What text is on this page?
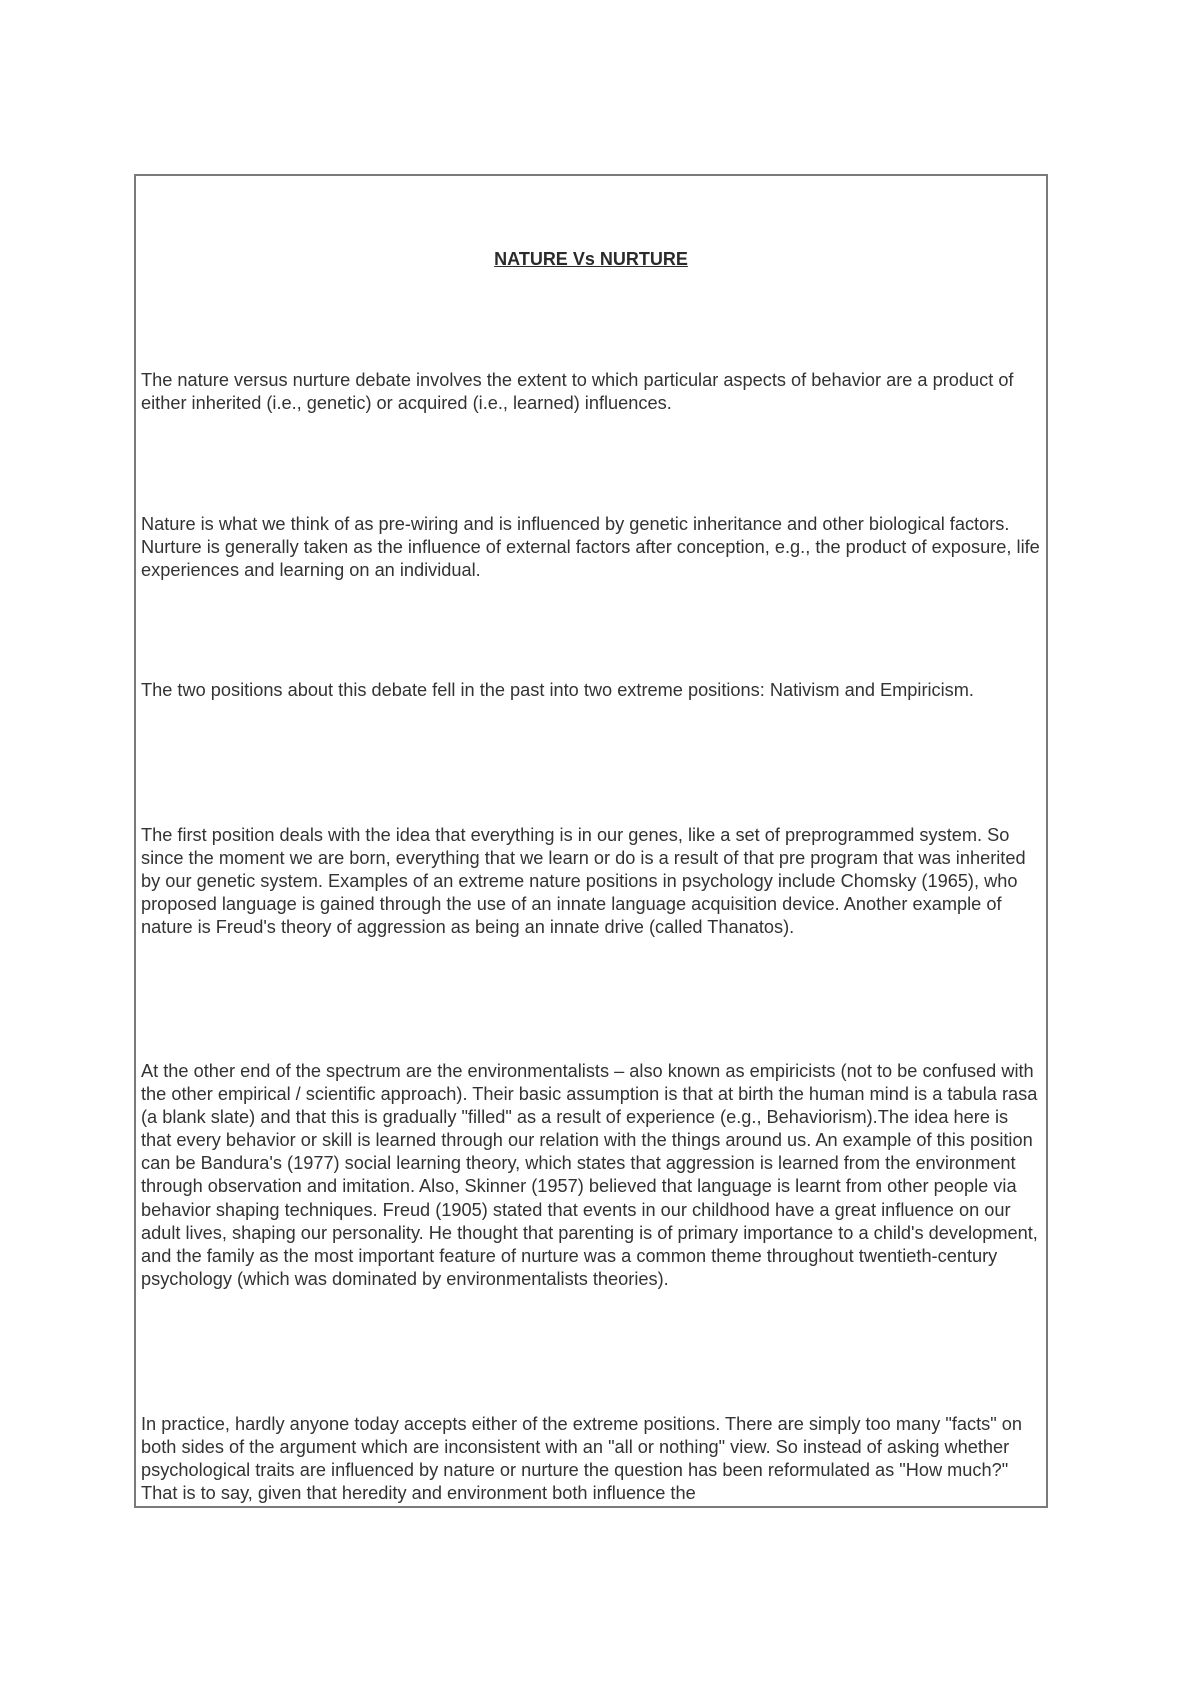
NATURE Vs NURTURE

The nature versus nurture debate involves the extent to which particular aspects of behavior are a product of either inherited (i.e., genetic) or acquired (i.e., learned) influences.

Nature is what we think of as pre-wiring and is influenced by genetic inheritance and other biological factors. Nurture is generally taken as the influence of external factors after conception, e.g., the product of exposure, life experiences and learning on an individual.

The two positions about this debate fell in the past into two extreme positions: Nativism and Empiricism.

The first position deals with the idea that everything is in our genes, like a set of preprogrammed system. So since the moment we are born, everything that we learn or do is a result of that pre program that was inherited by our genetic system. Examples of an extreme nature positions in psychology include Chomsky (1965), who proposed language is gained through the use of an innate language acquisition device. Another example of nature is Freud's theory of aggression as being an innate drive (called Thanatos).

At the other end of the spectrum are the environmentalists – also known as empiricists (not to be confused with the other empirical / scientific approach). Their basic assumption is that at birth the human mind is a tabula rasa (a blank slate) and that this is gradually "filled" as a result of experience (e.g., Behaviorism).The idea here is that every behavior or skill is learned through our relation with the things around us. An example of this position can be Bandura's (1977) social learning theory, which states that aggression is learned from the environment through observation and imitation. Also, Skinner (1957) believed that language is learnt from other people via behavior shaping techniques. Freud (1905) stated that events in our childhood have a great influence on our adult lives, shaping our personality. He thought that parenting is of primary importance to a child's development, and the family as the most important feature of nurture was a common theme throughout twentieth-century psychology (which was dominated by environmentalists theories).

In practice, hardly anyone today accepts either of the extreme positions. There are simply too many "facts" on both sides of the argument which are inconsistent with an "all or nothing" view. So instead of asking whether psychological traits are influenced by nature or nurture the question has been reformulated as "How much?" That is to say, given that heredity and environment both influence the
